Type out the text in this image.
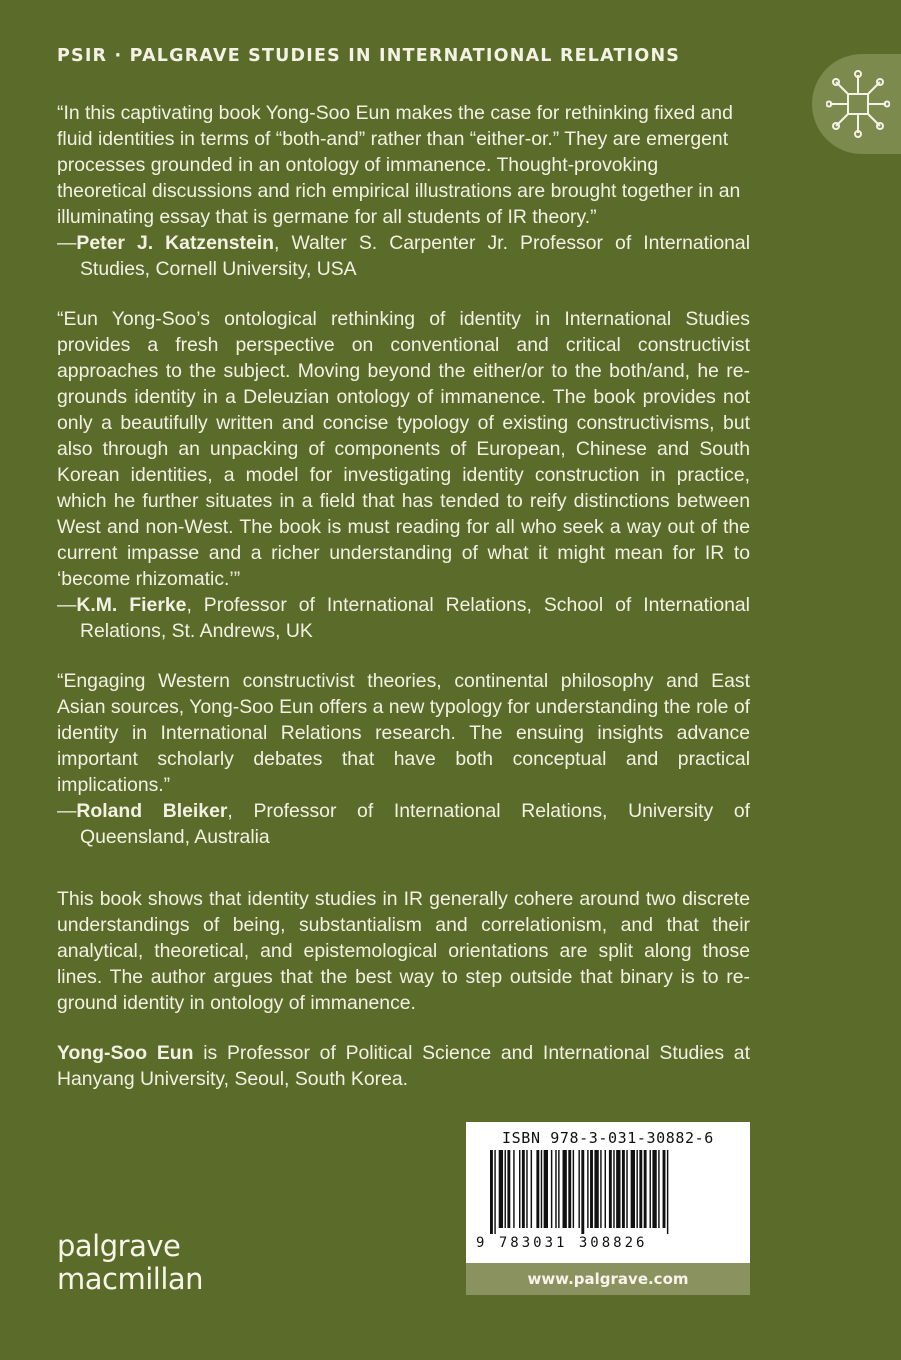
PSIR · PALGRAVE STUDIES IN INTERNATIONAL RELATIONS

“In this captivating book Yong-Soo Eun makes the case for rethinking fixed and fluid identities in terms of “both-and” rather than “either-or.” They are emergent processes grounded in an ontology of immanence. Thought-provoking theoretical discussions and rich empirical illustrations are brought together in an illuminating essay that is germane for all students of IR theory.”

—Peter J. Katzenstein, Walter S. Carpenter Jr. Professor of International Studies, Cornell University, USA

“Eun Yong-Soo’s ontological rethinking of identity in International Studies provides a fresh perspective on conventional and critical constructivist approaches to the subject. Moving beyond the either/or to the both/and, he re-grounds identity in a Deleuzian ontology of immanence. The book provides not only a beautifully written and concise typology of existing constructivisms, but also through an unpacking of components of European, Chinese and South Korean identities, a model for investigating identity construction in practice, which he further situates in a field that has tended to reify distinctions between West and non-West. The book is must reading for all who seek a way out of the current impasse and a richer understanding of what it might mean for IR to ‘become rhizomatic.’”

—K.M. Fierke, Professor of International Relations, School of International Relations, St. Andrews, UK

“Engaging Western constructivist theories, continental philosophy and East Asian sources, Yong-Soo Eun offers a new typology for understanding the role of identity in International Relations research. The ensuing insights advance important scholarly debates that have both conceptual and practical implications.”

—Roland Bleiker, Professor of International Relations, University of Queensland, Australia

This book shows that identity studies in IR generally cohere around two discrete understandings of being, substantialism and correlationism, and that their analytical, theoretical, and epistemological orientations are split along those lines. The author argues that the best way to step outside that binary is to re-ground identity in ontology of immanence.

Yong-Soo Eun is Professor of Political Science and International Studies at Hanyang University, Seoul, South Korea.

palgrave
macmillan
ISBN 978-3-031-30882-6
9 783031 308826
www.palgrave.com
